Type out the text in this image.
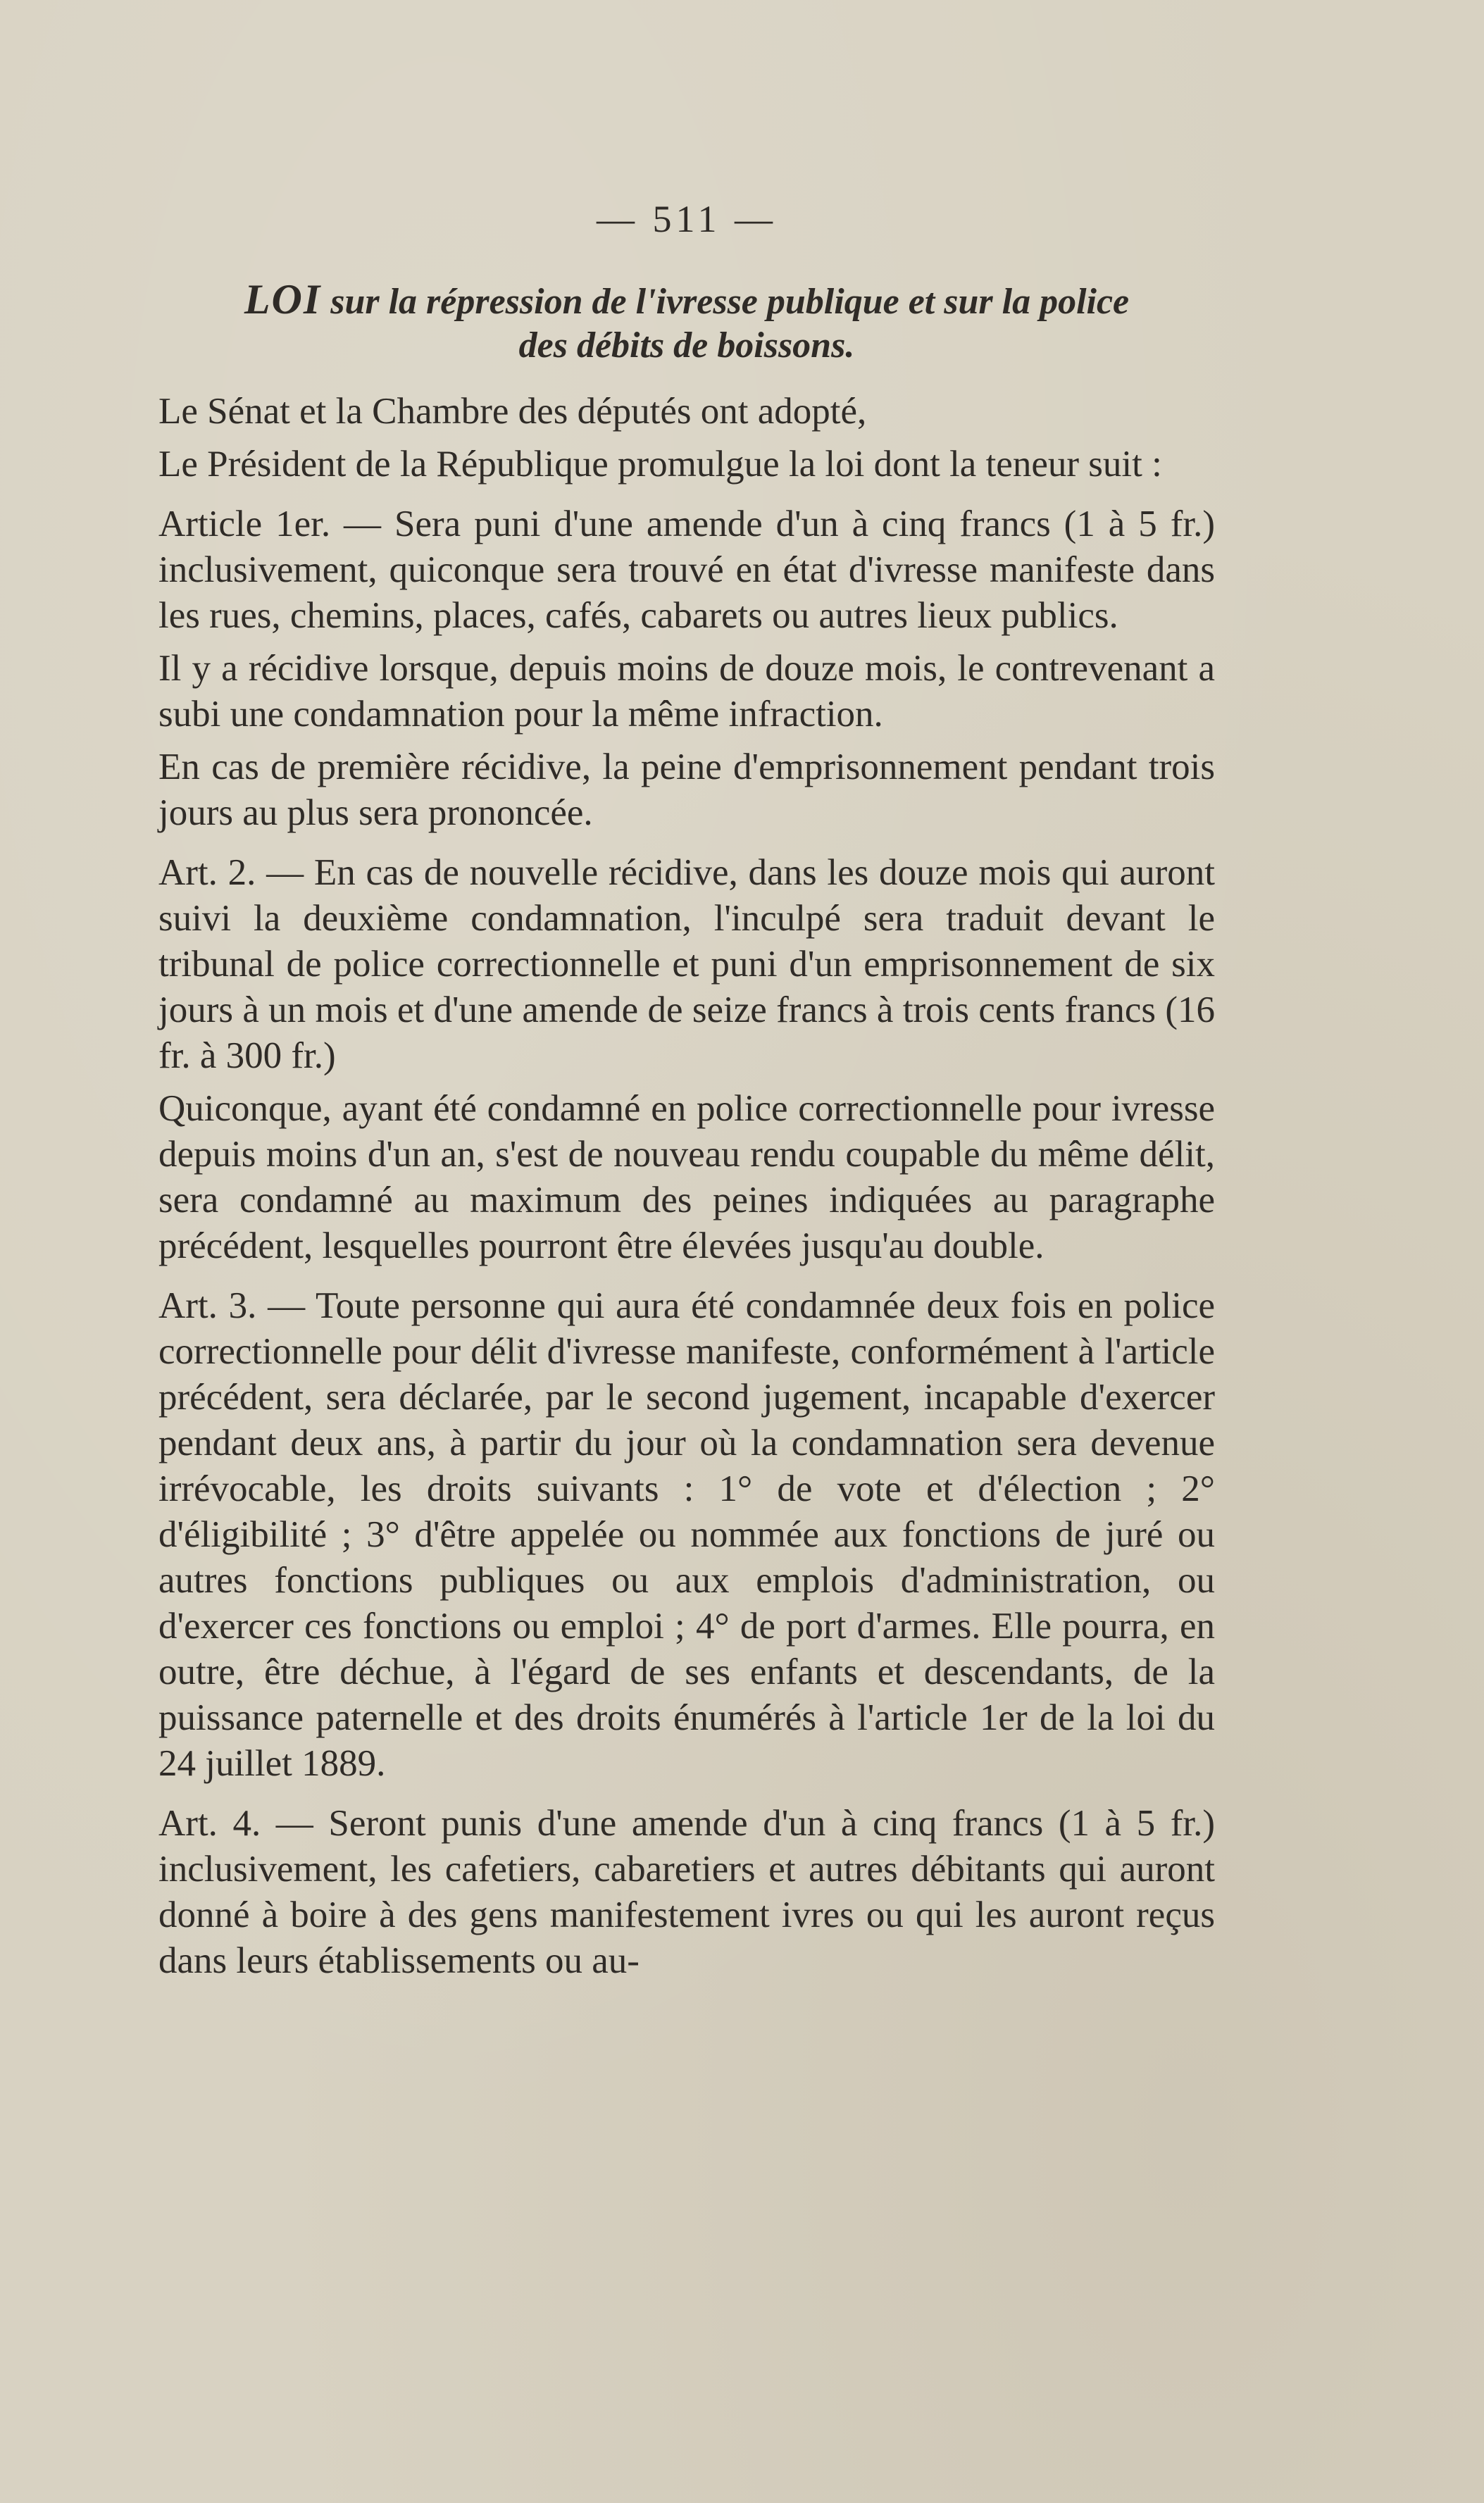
— 511 —
LOI sur la répression de l'ivresse publique et sur la police
des débits de boissons.

Le Sénat et la Chambre des députés ont adopté,

Le Président de la République promulgue la loi dont la teneur suit :

Article 1er. — Sera puni d'une amende d'un à cinq francs (1 à 5 fr.) inclusivement, quiconque sera trouvé en état d'ivresse manifeste dans les rues, chemins, places, cafés, cabarets ou autres lieux publics.

Il y a récidive lorsque, depuis moins de douze mois, le contrevenant a subi une condamnation pour la même infraction.

En cas de première récidive, la peine d'emprisonnement pendant trois jours au plus sera prononcée.

Art. 2. — En cas de nouvelle récidive, dans les douze mois qui auront suivi la deuxième condamnation, l'inculpé sera traduit devant le tribunal de police correctionnelle et puni d'un emprisonnement de six jours à un mois et d'une amende de seize francs à trois cents francs (16 fr. à 300 fr.)

Quiconque, ayant été condamné en police correctionnelle pour ivresse depuis moins d'un an, s'est de nouveau rendu coupable du même délit, sera condamné au maximum des peines indiquées au paragraphe précédent, lesquelles pourront être élevées jusqu'au double.

Art. 3. — Toute personne qui aura été condamnée deux fois en police correctionnelle pour délit d'ivresse manifeste, conformément à l'article précédent, sera déclarée, par le second jugement, incapable d'exercer pendant deux ans, à partir du jour où la condamnation sera devenue irrévocable, les droits suivants : 1° de vote et d'élection ; 2° d'éligibilité ; 3° d'être appelée ou nommée aux fonctions de juré ou autres fonctions publiques ou aux emplois d'administration, ou d'exercer ces fonctions ou emploi ; 4° de port d'armes. Elle pourra, en outre, être déchue, à l'égard de ses enfants et descendants, de la puissance paternelle et des droits énumérés à l'article 1er de la loi du 24 juillet 1889.

Art. 4. — Seront punis d'une amende d'un à cinq francs (1 à 5 fr.) inclusivement, les cafetiers, cabaretiers et autres débitants qui auront donné à boire à des gens manifestement ivres ou qui les auront reçus dans leurs établissements ou au-
